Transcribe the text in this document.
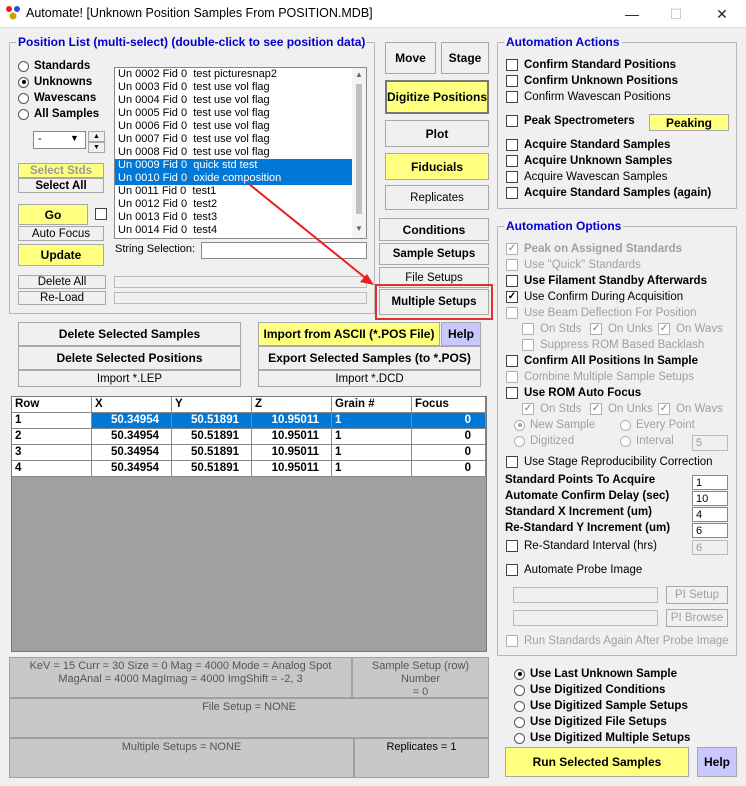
Automate! [Unknown Position Samples From POSITION.MDB]	—	☐	✕
Position List (multi-select) (double-click to see position data)
Standards
Unknowns
Wavescans
All Samples
-	▼	▲
▼
Select Stds
Select All
Go
Auto Focus
Update
Un 0002 Fid 0  test picturesnap2
Un 0003 Fid 0  test use vol flag
Un 0004 Fid 0  test use vol flag
Un 0005 Fid 0  test use vol flag
Un 0006 Fid 0  test use vol flag
Un 0007 Fid 0  test use vol flag
Un 0008 Fid 0  test use vol flag
Un 0009 Fid 0  quick std test
Un 0010 Fid 0  oxide composition
Un 0011 Fid 0  test1
Un 0012 Fid 0  test2
Un 0013 Fid 0  test3
Un 0014 Fid 0  test4
▲
▼
String Selection:
Delete All
Re-Load
Move	Stage
Digitize Positions
Plot
Fiducials
Replicates
Conditions
Sample Setups
File Setups
Multiple Setups
Delete Selected Samples
Delete Selected Positions
Import *.LEP
Import from ASCII (*.POS File)	Help
Export Selected Samples (to *.POS)
Import *.DCD
Row	X	Y	Z	Grain #	Focus
1	50.34954	50.51891	10.95011	1	0
2	50.34954	50.51891	10.95011	1	0
3	50.34954	50.51891	10.95011	1	0
4	50.34954	50.51891	10.95011	1	0
KeV = 15 Curr = 30 Size = 0 Mag = 4000 Mode = Analog Spot
MagAnal = 4000 MagImag = 4000 ImgShift = -2, 3
Sample Setup (row) Number
= 0
File Setup = NONE
Multiple Setups = NONE	Replicates = 1
Automation Actions
Confirm Standard Positions
Confirm Unknown Positions
Confirm Wavescan Positions
Peak Spectrometers
Acquire Standard Samples
Acquire Unknown Samples
Acquire Wavescan Samples
Acquire Standard Samples (again)
Peaking
Automation Options
✓ Peak on Assigned Standards
Use "Quick" Standards
Use Filament Standby Afterwards
✓ Use Confirm During Acquisition
Use Beam Deflection For Position
On Stds ✓ On Unks ✓ On Wavs
Suppress ROM Based Backlash
Confirm All Positions In Sample
Combine Multiple Sample Setups
Use ROM Auto Focus
✓ On Stds ✓ On Unks ✓ On Wavs
New Sample	Every Point
Digitized	Interval	5
Use Stage Reproducibility Correction
Standard Points To Acquire	1
Automate Confirm Delay (sec)	10
Standard X Increment (um)	4
Re-Standard Y Increment (um)	6
Re-Standard Interval (hrs)	6
Automate Probe Image
PI Setup
PI Browse
Run Standards Again After Probe Image
Use Last Unknown Sample
Use Digitized Conditions
Use Digitized Sample Setups
Use Digitized File Setups
Use Digitized Multiple Setups
Run Selected Samples	Help
